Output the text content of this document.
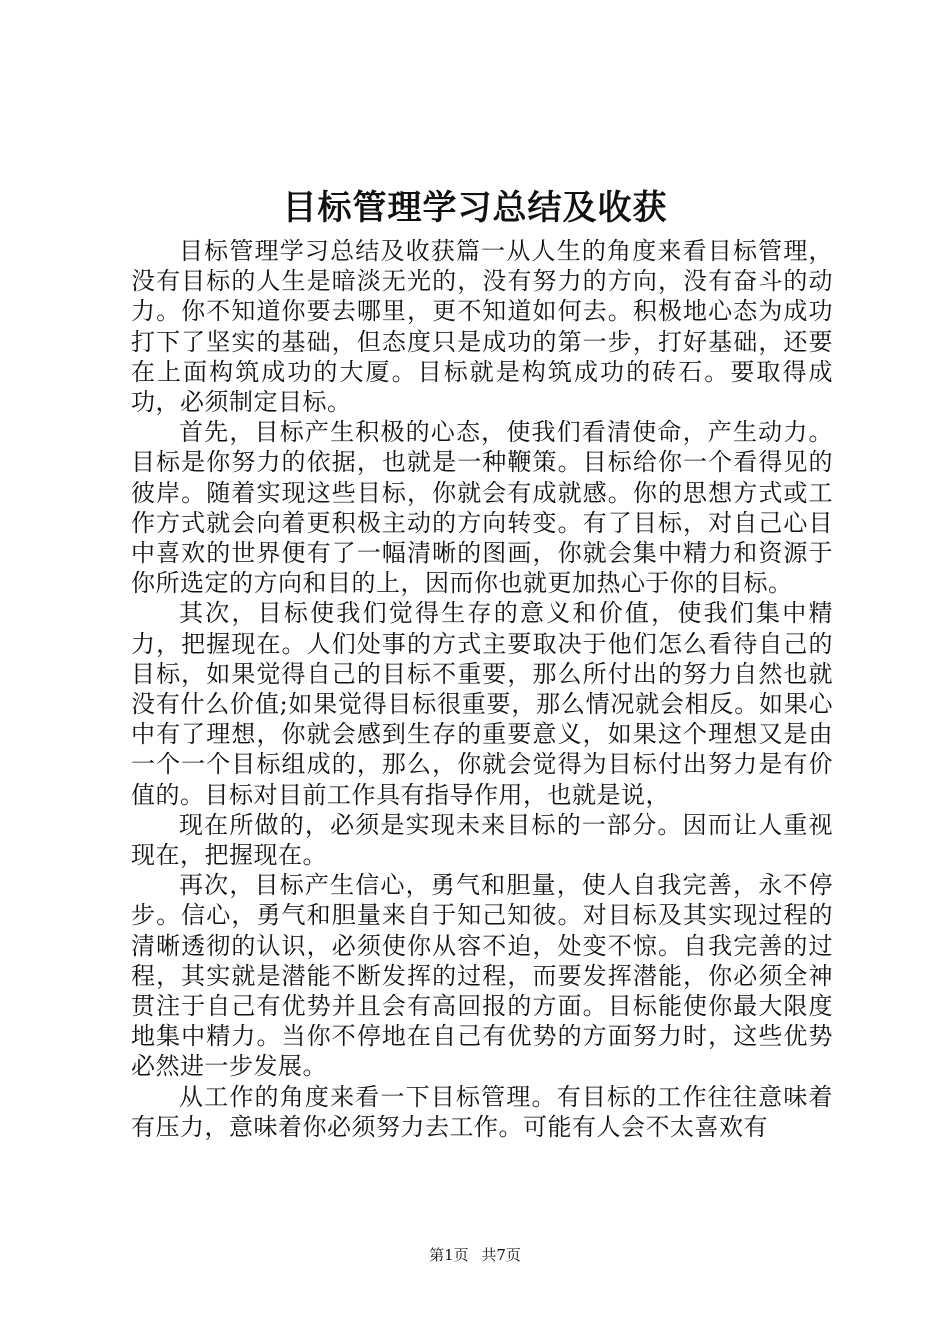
目标管理学习总结及收获

目标管理学习总结及收获篇一从人生的角度来看目标管理，没有目标的人生是暗淡无光的，没有努力的方向，没有奋斗的动力。你不知道你要去哪里，更不知道如何去。积极地心态为成功打下了坚实的基础，但态度只是成功的第一步，打好基础，还要在上面构筑成功的大厦。目标就是构筑成功的砖石。要取得成功，必须制定目标。

首先，目标产生积极的心态，使我们看清使命，产生动力。目标是你努力的依据，也就是一种鞭策。目标给你一个看得见的彼岸。随着实现这些目标，你就会有成就感。你的思想方式或工作方式就会向着更积极主动的方向转变。有了目标，对自己心目中喜欢的世界便有了一幅清晰的图画，你就会集中精力和资源于你所选定的方向和目的上，因而你也就更加热心于你的目标。

其次，目标使我们觉得生存的意义和价值，使我们集中精力，把握现在。人们处事的方式主要取决于他们怎么看待自己的目标，如果觉得自己的目标不重要，那么所付出的努力自然也就没有什么价值;如果觉得目标很重要，那么情况就会相反。如果心中有了理想，你就会感到生存的重要意义，如果这个理想又是由一个一个目标组成的，那么，你就会觉得为目标付出努力是有价值的。目标对目前工作具有指导作用，也就是说，

现在所做的，必须是实现未来目标的一部分。因而让人重视现在，把握现在。

再次，目标产生信心，勇气和胆量，使人自我完善，永不停步。信心，勇气和胆量来自于知己知彼。对目标及其实现过程的清晰透彻的认识，必须使你从容不迫，处变不惊。自我完善的过程，其实就是潜能不断发挥的过程，而要发挥潜能，你必须全神贯注于自己有优势并且会有高回报的方面。目标能使你最大限度地集中精力。当你不停地在自己有优势的方面努力时，这些优势必然进一步发展。

从工作的角度来看一下目标管理。有目标的工作往往意味着有压力，意味着你必须努力去工作。可能有人会不太喜欢有

第1页 共7页
